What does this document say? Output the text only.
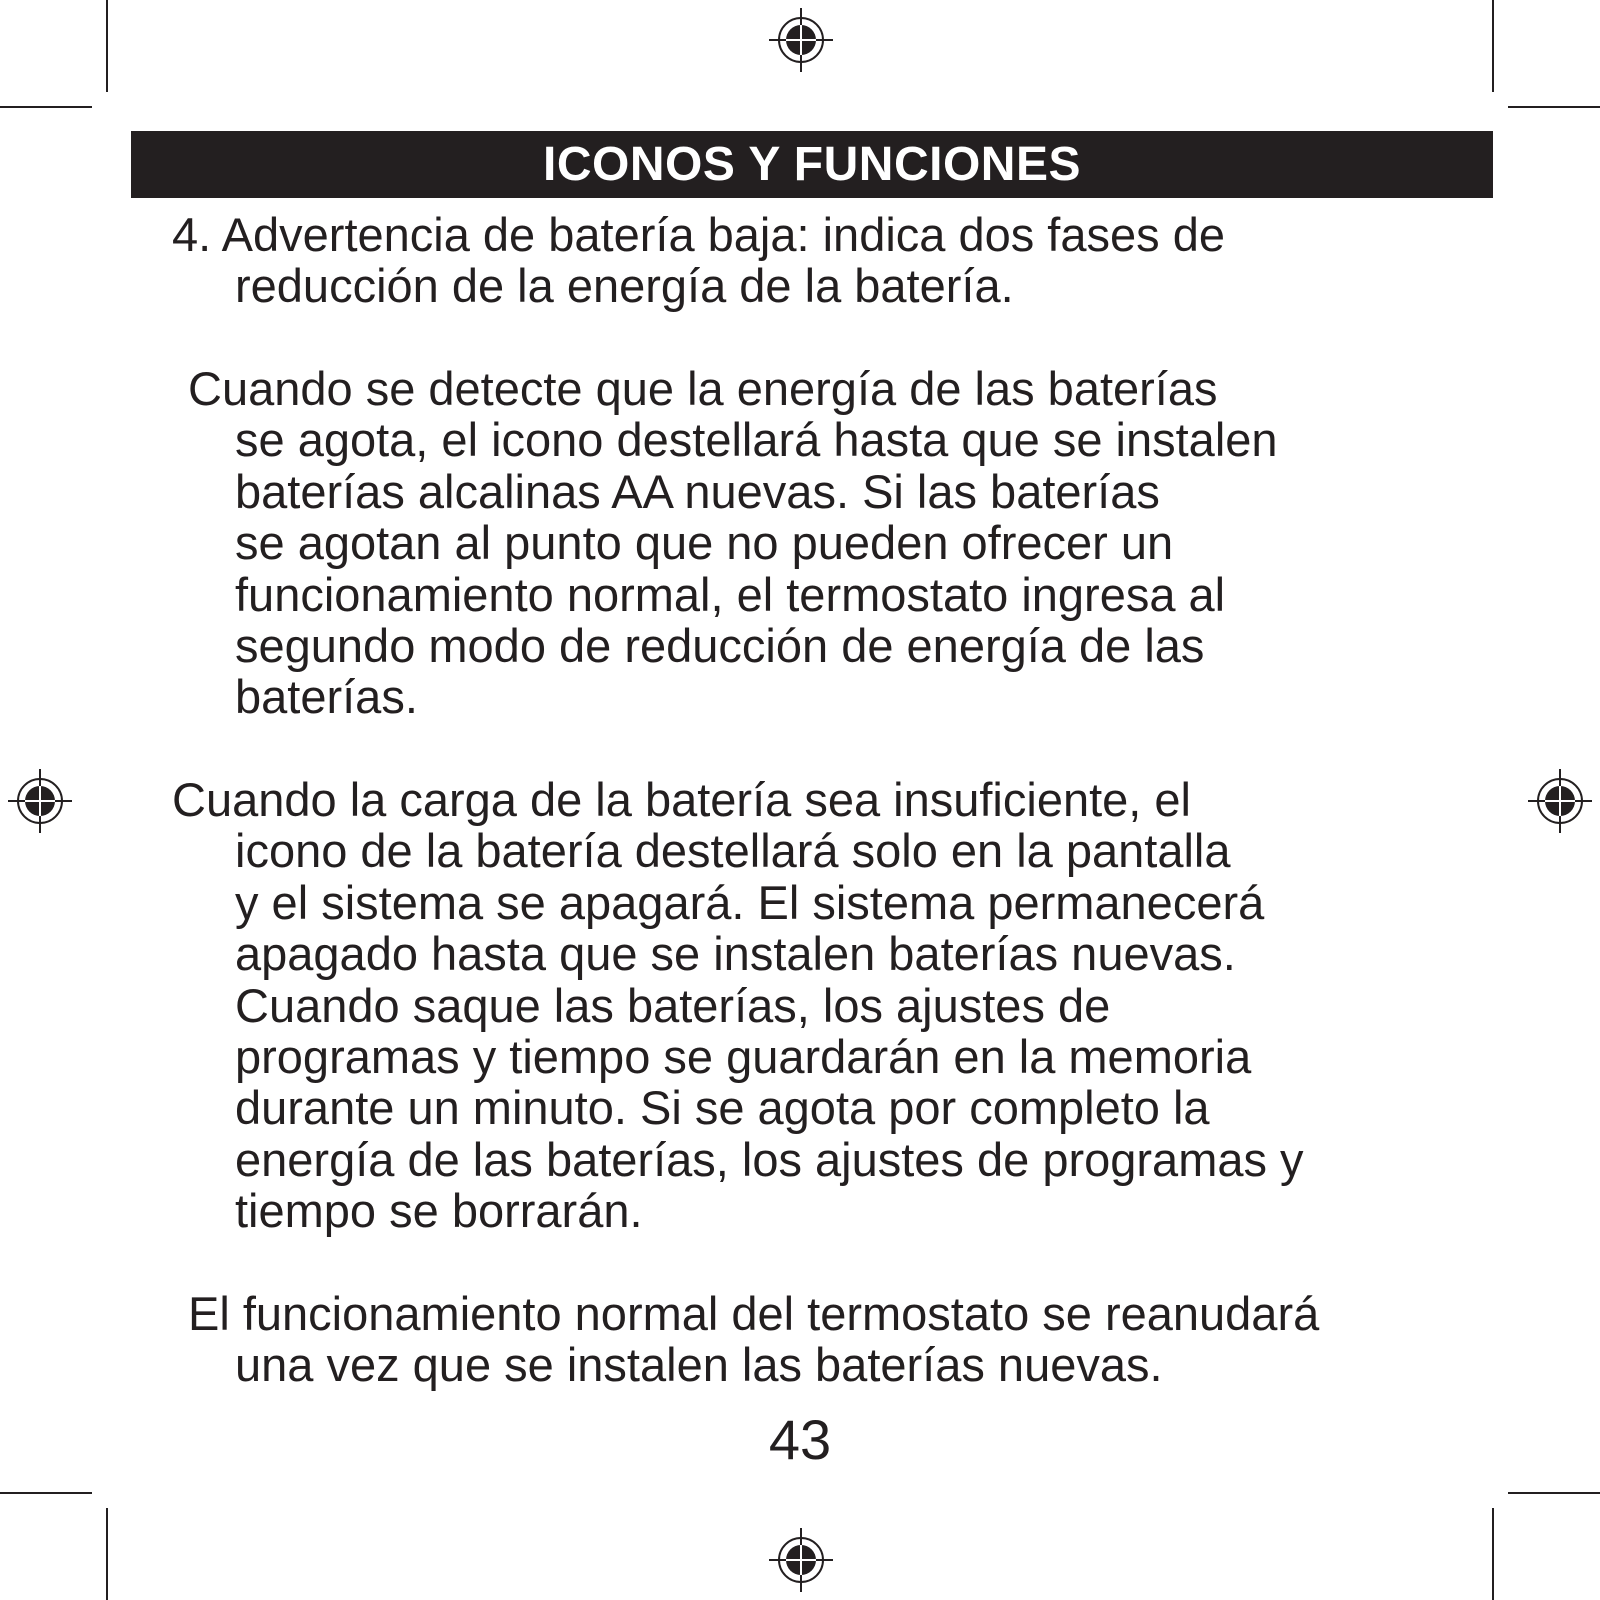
ICONOS Y FUNCIONES

4. Advertencia de batería baja: indica dos fases de
reducción de la energía de la batería.

Cuando se detecte que la energía de las baterías
se agota, el icono destellará hasta que se instalen
baterías alcalinas AA nuevas. Si las baterías
se agotan al punto que no pueden ofrecer un
funcionamiento normal, el termostato ingresa al
segundo modo de reducción de energía de las
baterías.

Cuando la carga de la batería sea insuficiente, el
icono de la batería destellará solo en la pantalla
y el sistema se apagará. El sistema permanecerá
apagado hasta que se instalen baterías nuevas.
Cuando saque las baterías, los ajustes de
programas y tiempo se guardarán en la memoria
durante un minuto. Si se agota por completo la
energía de las baterías, los ajustes de programas y
tiempo se borrarán.

El funcionamiento normal del termostato se reanudará
una vez que se instalen las baterías nuevas.

43
